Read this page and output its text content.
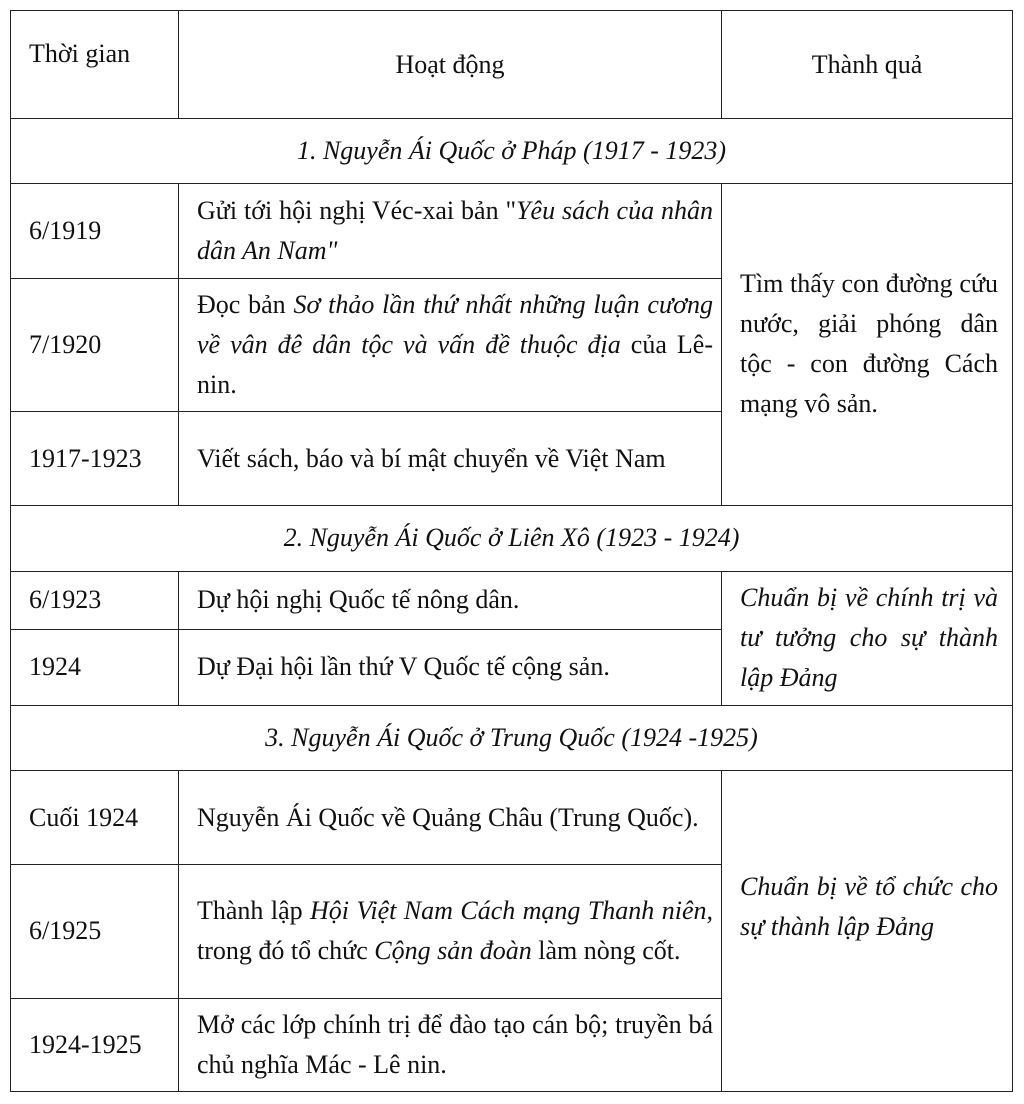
Thời gian	Hoạt động	Thành quả
1. Nguyễn Ái Quốc ở Pháp (1917 - 1923)		
6/1919	Gửi tới hội nghị Véc-xai bản "Yêu sách của nhân dân An Nam"	Tìm thấy con đường cứu nước, giải phóng dân tộc - con đường Cách mạng vô sản.
7/1920	Đọc bản Sơ thảo lần thứ nhất những luận cương về vân đê dân tộc và vấn đề thuộc địa của Lê-nin.	
1917-1923	Viết sách, báo và bí mật chuyển về Việt Nam	
2. Nguyễn Ái Quốc ở Liên Xô (1923 - 1924)		
6/1923	Dự hội nghị Quốc tế nông dân.	Chuẩn bị về chính trị và tư tưởng cho sự thành lập Đảng
1924	Dự Đại hội lần thứ V Quốc tế cộng sản.	
3. Nguyễn Ái Quốc ở Trung Quốc (1924 -1925)		
Cuối 1924	Nguyễn Ái Quốc về Quảng Châu (Trung Quốc).	Chuẩn bị về tổ chức cho sự thành lập Đảng
6/1925	Thành lập Hội Việt Nam Cách mạng Thanh niên, trong đó tổ chức Cộng sản đoàn làm nòng cốt.	
1924-1925	Mở các lớp chính trị để đào tạo cán bộ; truyền bá chủ nghĩa Mác - Lê nin.	
